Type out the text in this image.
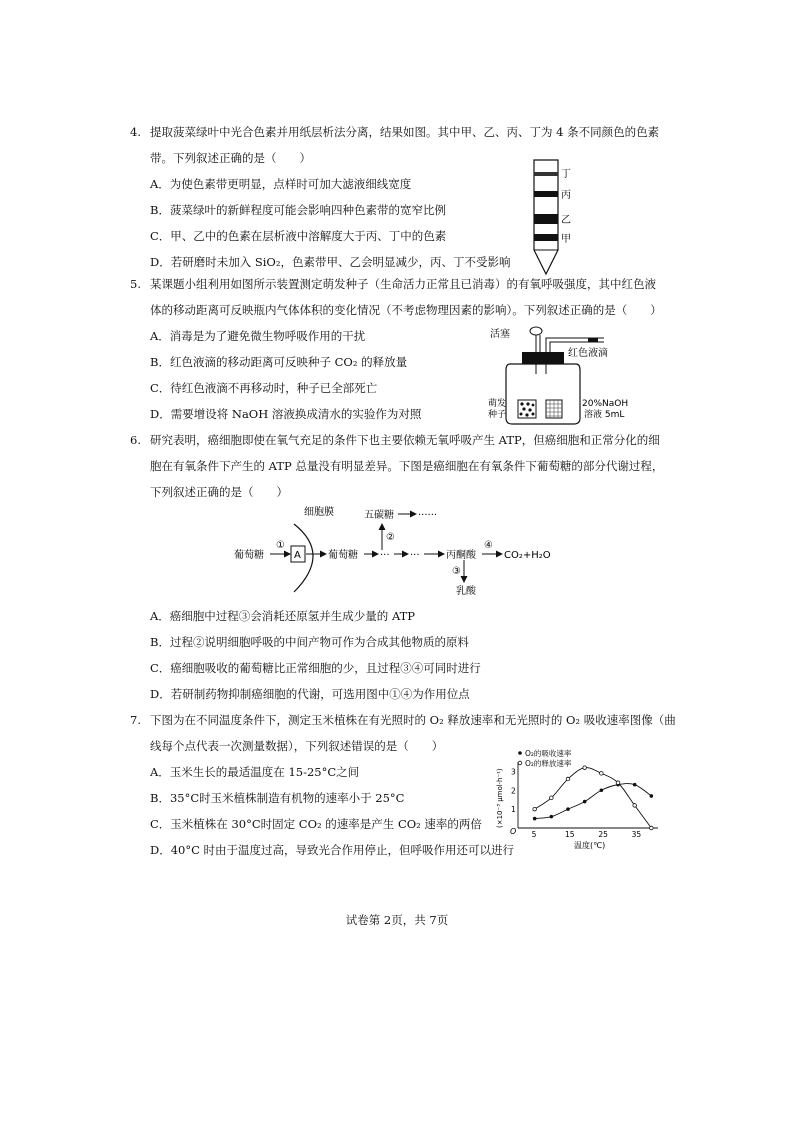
4. 提取菠菜绿叶中光合色素并用纸层析法分离，结果如图。其中甲、乙、丙、丁为 4 条不同颜色的色素
带。下列叙述正确的是（　　）
A．为使色素带更明显，点样时可加大滤液细线宽度
B．菠菜绿叶的新鲜程度可能会影响四种色素带的宽窄比例
C．甲、乙中的色素在层析液中溶解度大于丙、丁中的色素
D．若研磨时未加入 SiO₂，色素带甲、乙会明显减少，丙、丁不受影响
丁
丙
乙
甲
5. 某课题小组利用如图所示装置测定萌发种子（生命活力正常且已消毒）的有氧呼吸强度，其中红色液
体的移动距离可反映瓶内气体体积的变化情况（不考虑物理因素的影响）。下列叙述正确的是（　　）
A．消毒是为了避免微生物呼吸作用的干扰
B．红色液滴的移动距离可反映种子 CO₂ 的释放量
C．待红色液滴不再移动时，种子已全部死亡
D．需要增设将 NaOH 溶液换成清水的实验作为对照
活塞
红色液滴
萌发
种子
20%NaOH
溶液 5mL
6. 研究表明，癌细胞即使在氧气充足的条件下也主要依赖无氧呼吸产生 ATP，但癌细胞和正常分化的细
胞在有氧条件下产生的 ATP 总量没有明显差异。下图是癌细胞在有氧条件下葡萄糖的部分代谢过程，
下列叙述正确的是（　　）
细胞膜
葡萄糖
①
A	葡萄糖 ··· ···	丙酮酸
④
CO₂+H₂O
②
五碳糖 ······
③
乳酸
A．癌细胞中过程③会消耗还原氢并生成少量的 ATP
B．过程②说明细胞呼吸的中间产物可作为合成其他物质的原料
C．癌细胞吸收的葡萄糖比正常细胞的少，且过程③④可同时进行
D．若研制药物抑制癌细胞的代谢，可选用图中①④为作用位点
7. 下图为在不同温度条件下，测定玉米植株在有光照时的 O₂ 释放速率和无光照时的 O₂ 吸收速率图像（曲
线每个点代表一次测量数据），下列叙述错误的是（　　）
A．玉米生长的最适温度在 15-25°C之间
B．35°C时玉米植株制造有机物的速率小于 25°C
C．玉米植株在 30°C时固定 CO₂ 的速率是产生 CO₂ 速率的两倍
D．40°C 时由于温度过高，导致光合作用停止，但呼吸作用还可以进行
O₂的吸收速率
O₂的释放速率
(×10⁻³ μmol·h⁻¹)
O 5	15	25	35
1
2
3
温度(℃)
试卷第 2页，共 7页
